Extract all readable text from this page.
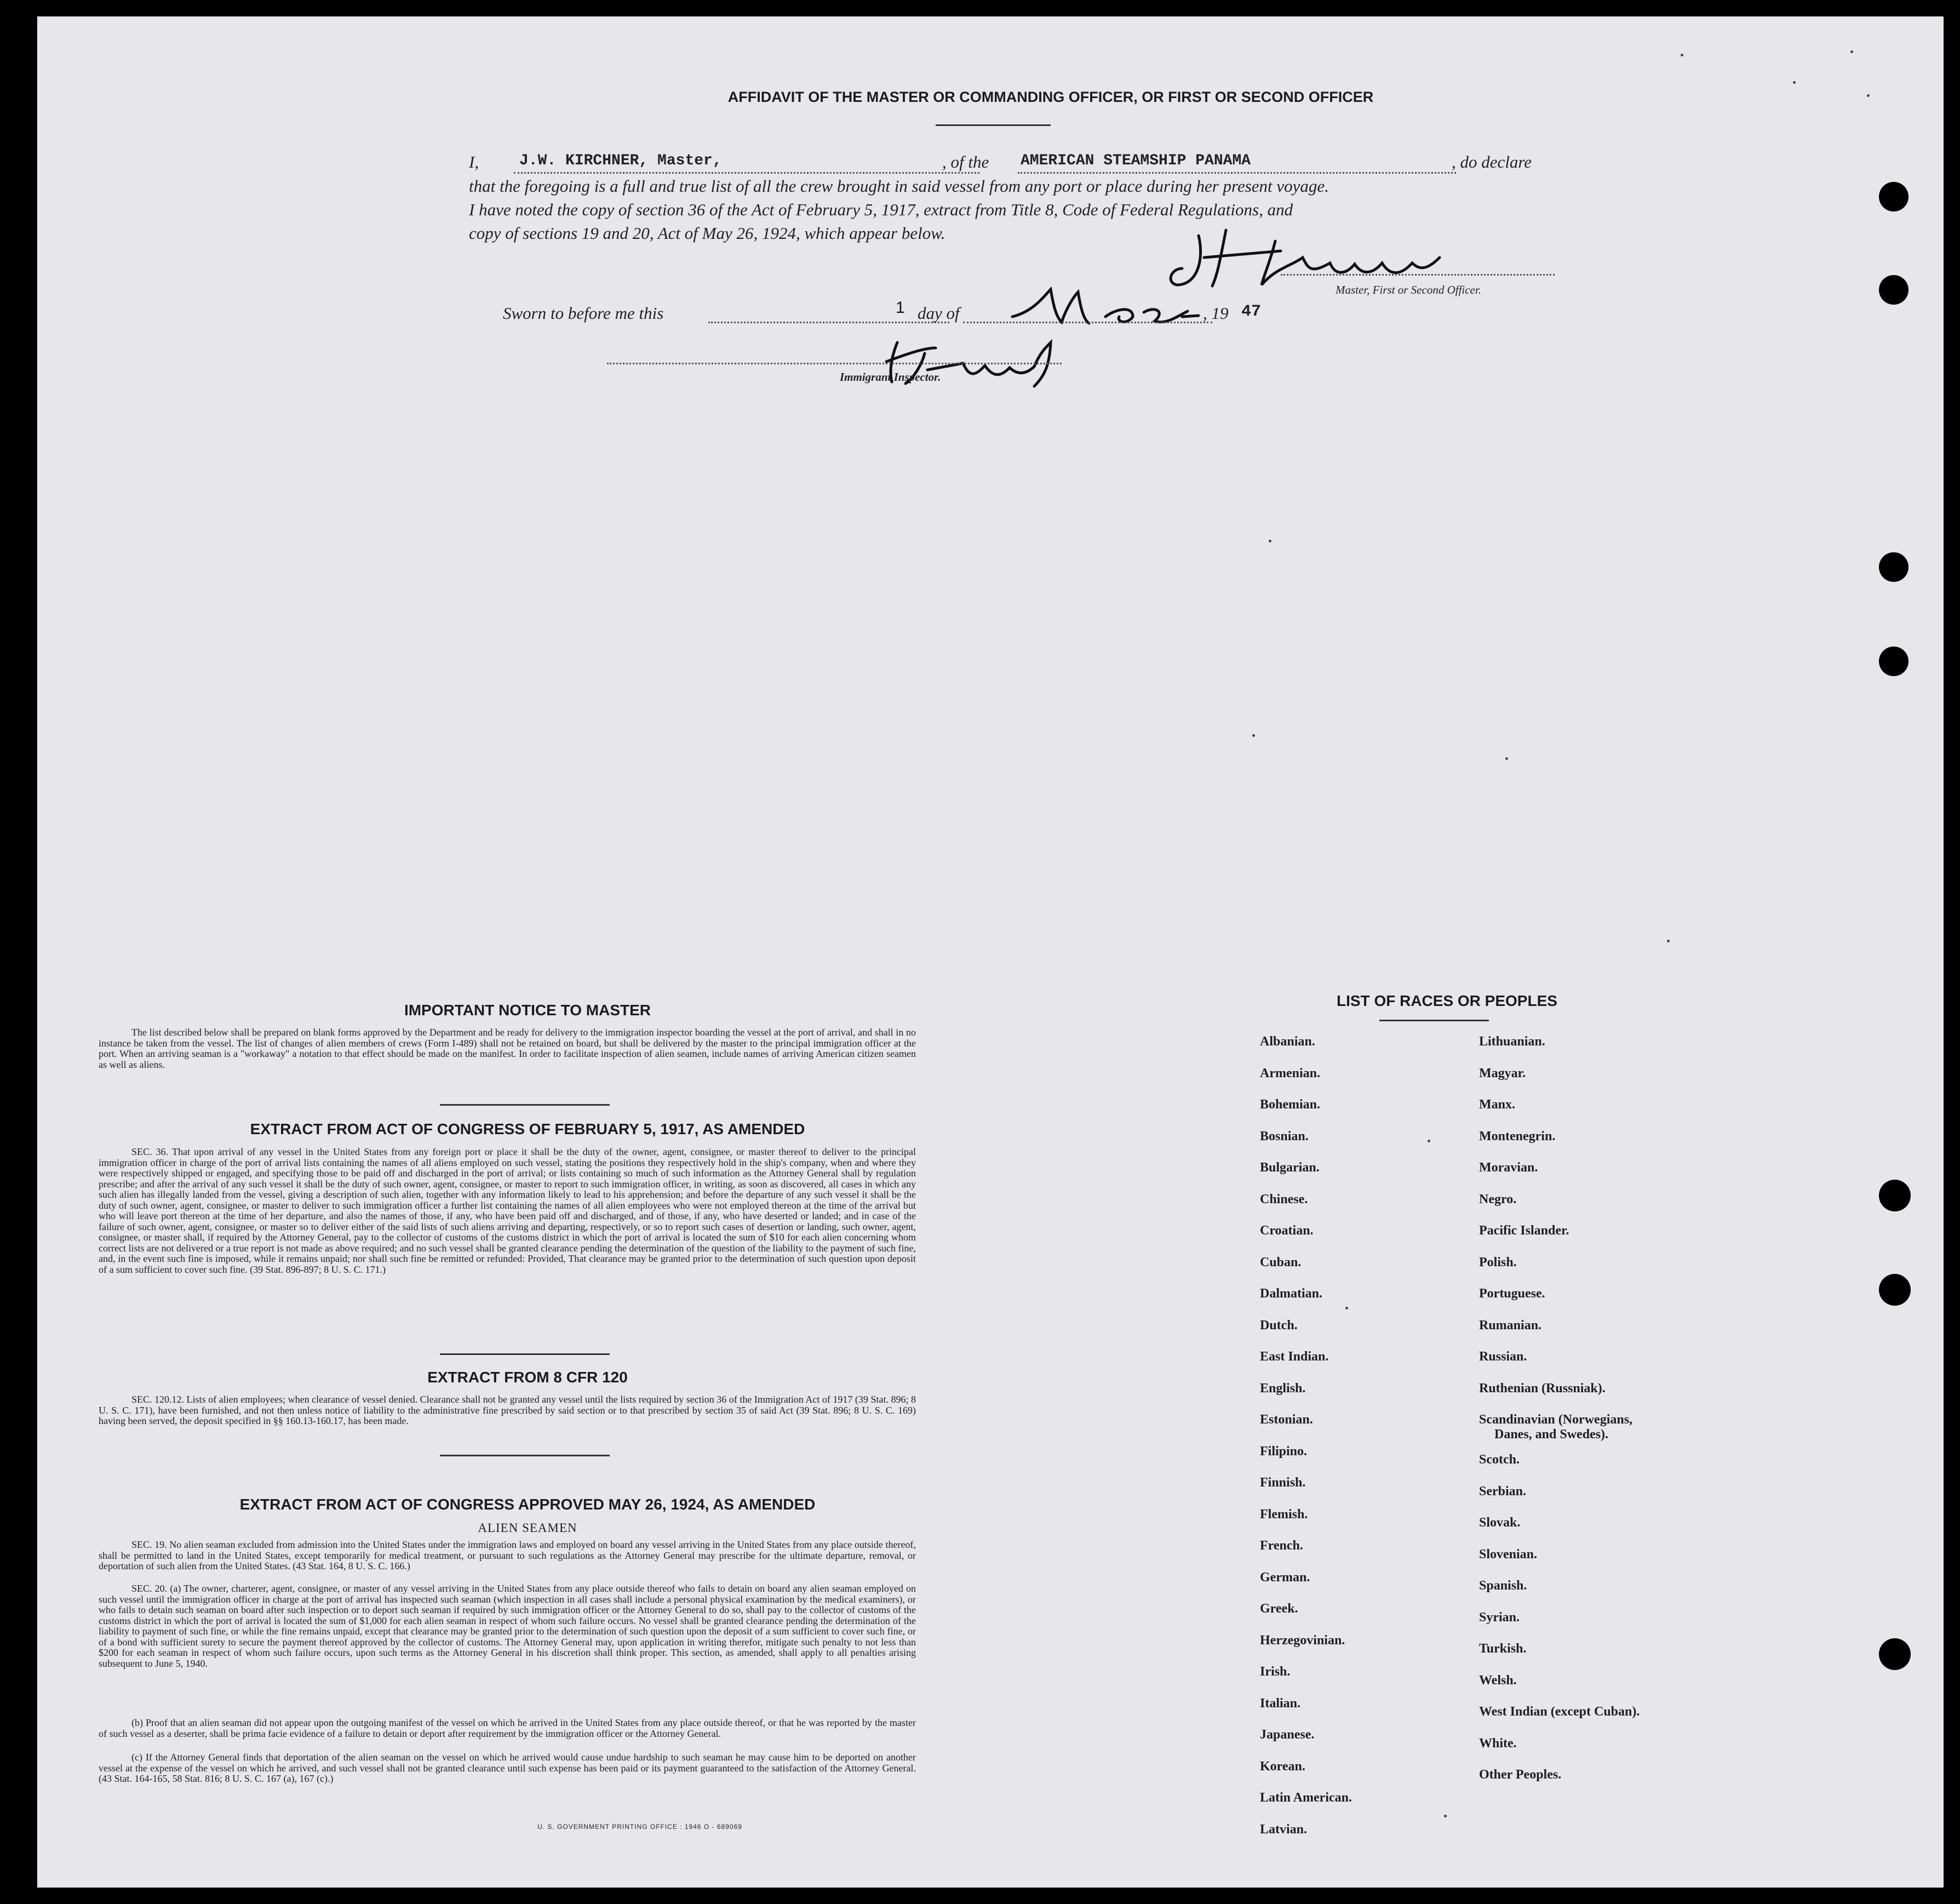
AFFIDAVIT OF THE MASTER OR COMMANDING OFFICER, OR FIRST OR SECOND OFFICER
I,	J.W. KIRCHNER, Master,	, of the AMERICAN STEAMSHIP PANAMA	, do declare
that the foregoing is a full and true list of all the crew brought in said vessel from any port or place during her present voyage.
I have noted the copy of section 36 of the Act of February 5, 1917, extract from Title 8, Code of Federal Regulations, and
copy of sections 19 and 20, Act of May 26, 1924, which appear below.
Master, First or Second Officer.
Sworn to before me this	1 day of	, 19 47
Immigrant Inspector.
IMPORTANT NOTICE TO MASTER
The list described below shall be prepared on blank forms approved by the Department and be ready for delivery to the immigration inspector boarding the vessel at the port of arrival, and shall in no instance be taken from the vessel. The list of changes of alien members of crews (Form I-489) shall not be retained on board, but shall be delivered by the master to the principal immigration officer at the port. When an arriving seaman is a "workaway" a notation to that effect should be made on the manifest. In order to facilitate inspection of alien seamen, include names of arriving American citizen seamen as well as aliens.
EXTRACT FROM ACT OF CONGRESS OF FEBRUARY 5, 1917, AS AMENDED
SEC. 36. That upon arrival of any vessel in the United States from any foreign port or place it shall be the duty of the owner, agent, consignee, or master thereof to deliver to the principal immigration officer in charge of the port of arrival lists containing the names of all aliens employed on such vessel, stating the positions they respectively hold in the ship's company, when and where they were respectively shipped or engaged, and specifying those to be paid off and discharged in the port of arrival; or lists containing so much of such information as the Attorney General shall by regulation prescribe; and after the arrival of any such vessel it shall be the duty of such owner, agent, consignee, or master to report to such immigration officer, in writing, as soon as discovered, all cases in which any such alien has illegally landed from the vessel, giving a description of such alien, together with any information likely to lead to his apprehension; and before the departure of any such vessel it shall be the duty of such owner, agent, consignee, or master to deliver to such immigration officer a further list containing the names of all alien employees who were not employed thereon at the time of the arrival but who will leave port thereon at the time of her departure, and also the names of those, if any, who have been paid off and discharged, and of those, if any, who have deserted or landed; and in case of the failure of such owner, agent, consignee, or master so to deliver either of the said lists of such aliens arriving and departing, respectively, or so to report such cases of desertion or landing, such owner, agent, consignee, or master shall, if required by the Attorney General, pay to the collector of customs of the customs district in which the port of arrival is located the sum of $10 for each alien concerning whom correct lists are not delivered or a true report is not made as above required; and no such vessel shall be granted clearance pending the determination of the question of the liability to the payment of such fine, and, in the event such fine is imposed, while it remains unpaid; nor shall such fine be remitted or refunded: Provided, That clearance may be granted prior to the determination of such question upon deposit of a sum sufficient to cover such fine. (39 Stat. 896-897; 8 U. S. C. 171.)
EXTRACT FROM 8 CFR 120
SEC. 120.12. Lists of alien employees; when clearance of vessel denied. Clearance shall not be granted any vessel until the lists required by section 36 of the Immigration Act of 1917 (39 Stat. 896; 8 U. S. C. 171), have been furnished, and not then unless notice of liability to the administrative fine prescribed by said section or to that prescribed by section 35 of said Act (39 Stat. 896; 8 U. S. C. 169) having been served, the deposit specified in §§ 160.13-160.17, has been made.
EXTRACT FROM ACT OF CONGRESS APPROVED MAY 26, 1924, AS AMENDED
ALIEN SEAMEN
SEC. 19. No alien seaman excluded from admission into the United States under the immigration laws and employed on board any vessel arriving in the United States from any place outside thereof, shall be permitted to land in the United States, except temporarily for medical treatment, or pursuant to such regulations as the Attorney General may prescribe for the ultimate departure, removal, or deportation of such alien from the United States. (43 Stat. 164, 8 U. S. C. 166.)
SEC. 20. (a) The owner, charterer, agent, consignee, or master of any vessel arriving in the United States from any place outside thereof who fails to detain on board any alien seaman employed on such vessel until the immigration officer in charge at the port of arrival has inspected such seaman (which inspection in all cases shall include a personal physical examination by the medical examiners), or who fails to detain such seaman on board after such inspection or to deport such seaman if required by such immigration officer or the Attorney General to do so, shall pay to the collector of customs of the customs district in which the port of arrival is located the sum of $1,000 for each alien seaman in respect of whom such failure occurs. No vessel shall be granted clearance pending the determination of the liability to payment of such fine, or while the fine remains unpaid, except that clearance may be granted prior to the determination of such question upon the deposit of a sum sufficient to cover such fine, or of a bond with sufficient surety to secure the payment thereof approved by the collector of customs. The Attorney General may, upon application in writing therefor, mitigate such penalty to not less than $200 for each seaman in respect of whom such failure occurs, upon such terms as the Attorney General in his discretion shall think proper. This section, as amended, shall apply to all penalties arising subsequent to June 5, 1940.
(b) Proof that an alien seaman did not appear upon the outgoing manifest of the vessel on which he arrived in the United States from any place outside thereof, or that he was reported by the master of such vessel as a deserter, shall be prima facie evidence of a failure to detain or deport after requirement by the immigration officer or the Attorney General.
(c) If the Attorney General finds that deportation of the alien seaman on the vessel on which he arrived would cause undue hardship to such seaman he may cause him to be deported on another vessel at the expense of the vessel on which he arrived, and such vessel shall not be granted clearance until such expense has been paid or its payment guaranteed to the satisfaction of the Attorney General. (43 Stat. 164-165, 58 Stat. 816; 8 U. S. C. 167 (a), 167 (c).)
U. S. GOVERNMENT PRINTING OFFICE : 1946 O - 689069
LIST OF RACES OR PEOPLES
Albanian.
Armenian.
Bohemian.
Bosnian.
Bulgarian.
Chinese.
Croatian.
Cuban.
Dalmatian.
Dutch.
East Indian.
English.
Estonian.
Filipino.
Finnish.
Flemish.
French.
German.
Greek.
Herzegovinian.
Irish.
Italian.
Japanese.
Korean.
Latin American.
Latvian.
Lithuanian.
Magyar.
Manx.
Montenegrin.
Moravian.
Negro.
Pacific Islander.
Polish.
Portuguese.
Rumanian.
Russian.
Ruthenian (Russniak).
Scandinavian (Norwegians,
Danes, and Swedes).
Scotch.
Serbian.
Slovak.
Slovenian.
Spanish.
Syrian.
Turkish.
Welsh.
West Indian (except Cuban).
White.
Other Peoples.
